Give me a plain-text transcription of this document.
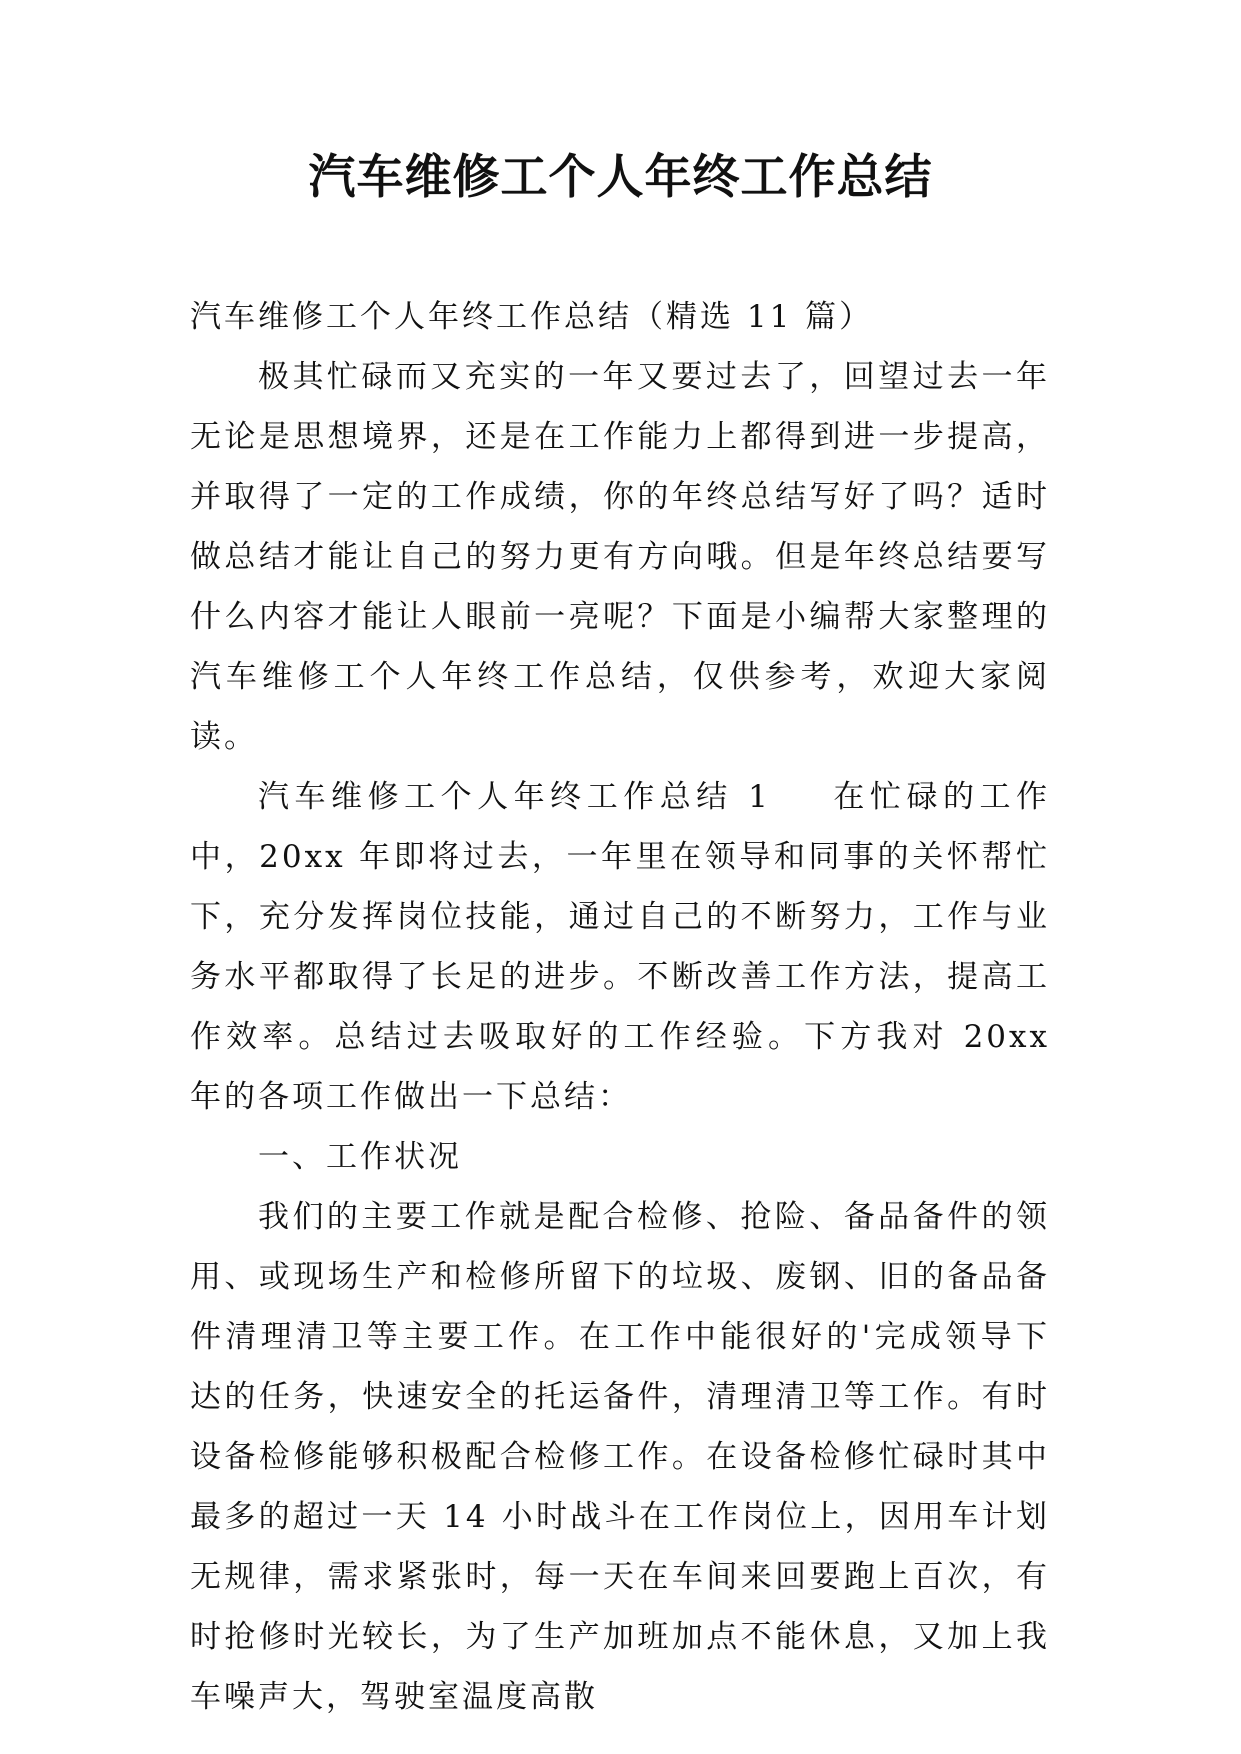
汽车维修工个人年终工作总结

汽车维修工个人年终工作总结（精选 11 篇）

极其忙碌而又充实的一年又要过去了，回望过去一年无论是思想境界，还是在工作能力上都得到进一步提高，并取得了一定的工作成绩，你的年终总结写好了吗？适时做总结才能让自己的努力更有方向哦。但是年终总结要写什么内容才能让人眼前一亮呢？下面是小编帮大家整理的汽车维修工个人年终工作总结，仅供参考，欢迎大家阅读。

汽车维修工个人年终工作总结 1 在忙碌的工作中，20xx 年即将过去，一年里在领导和同事的关怀帮忙下，充分发挥岗位技能，通过自己的不断努力，工作与业务水平都取得了长足的进步。不断改善工作方法，提高工作效率。总结过去吸取好的工作经验。下方我对 20xx 年的各项工作做出一下总结：

一、工作状况

我们的主要工作就是配合检修、抢险、备品备件的领用、或现场生产和检修所留下的垃圾、废钢、旧的备品备件清理清卫等主要工作。在工作中能很好的'完成领导下达的任务，快速安全的托运备件，清理清卫等工作。有时设备检修能够积极配合检修工作。在设备检修忙碌时其中最多的超过一天 14 小时战斗在工作岗位上，因用车计划无规律，需求紧张时，每一天在车间来回要跑上百次，有时抢修时光较长，为了生产加班加点不能休息，又加上我车噪声大，驾驶室温度高散
